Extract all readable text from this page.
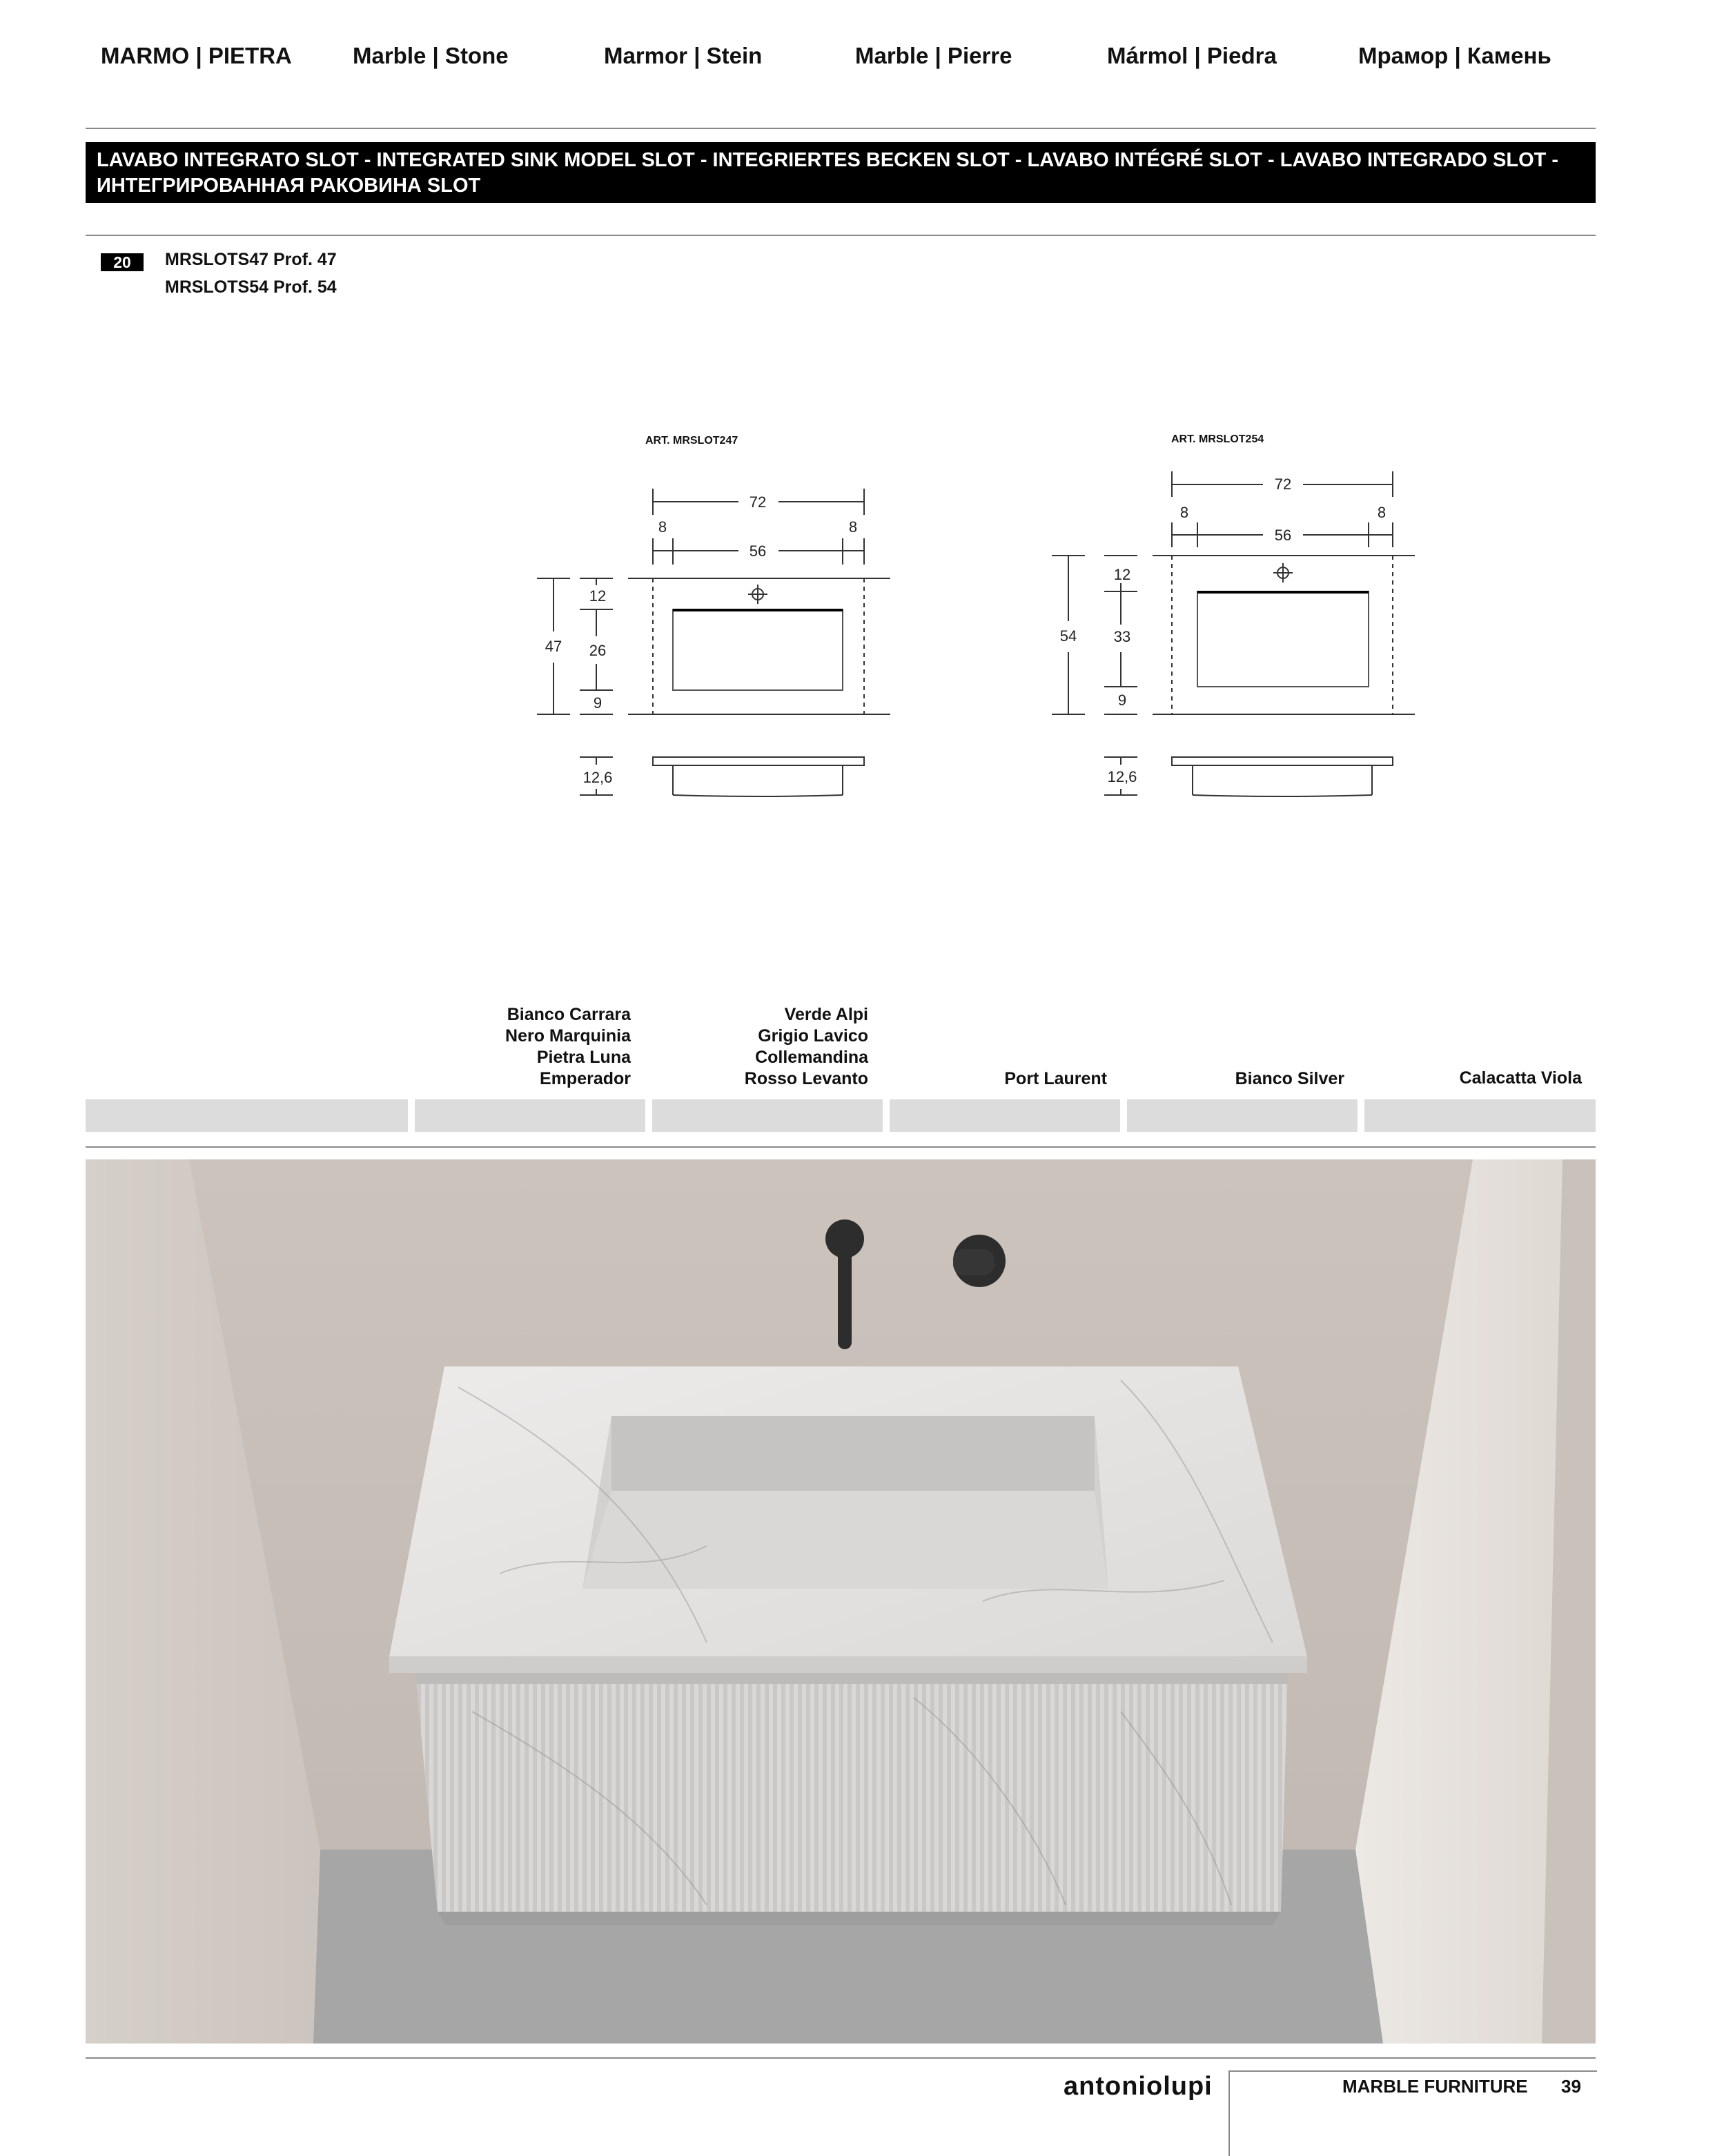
MARMO | PIETRA	Marble | Stone	Marmor | Stein	Marble | Pierre	Mármol | Piedra	Мрамор | Камень
LAVABO INTEGRATO SLOT - INTEGRATED SINK MODEL SLOT - INTEGRIERTES BECKEN SLOT - LAVABO INTÉGRÉ SLOT - LAVABO INTEGRADO SLOT - ИНТЕГРИРОВАННАЯ РАКОВИНА SLOT
20	MRSLOTS47 Prof. 47
MRSLOTS54 Prof. 54
ART. MRSLOT247	ART. MRSLOT254
72
8	8
56
47
12
26
9
12,6
72
8	8
56
54
12
33
9
12,6
Bianco Carrara
Nero Marquinia
Pietra Luna
Emperador
Verde Alpi
Grigio Lavico
Collemandina
Rosso Levanto	Port Laurent	Bianco Silver	Calacatta Viola
antoniolupi	MARBLE FURNITURE 39
